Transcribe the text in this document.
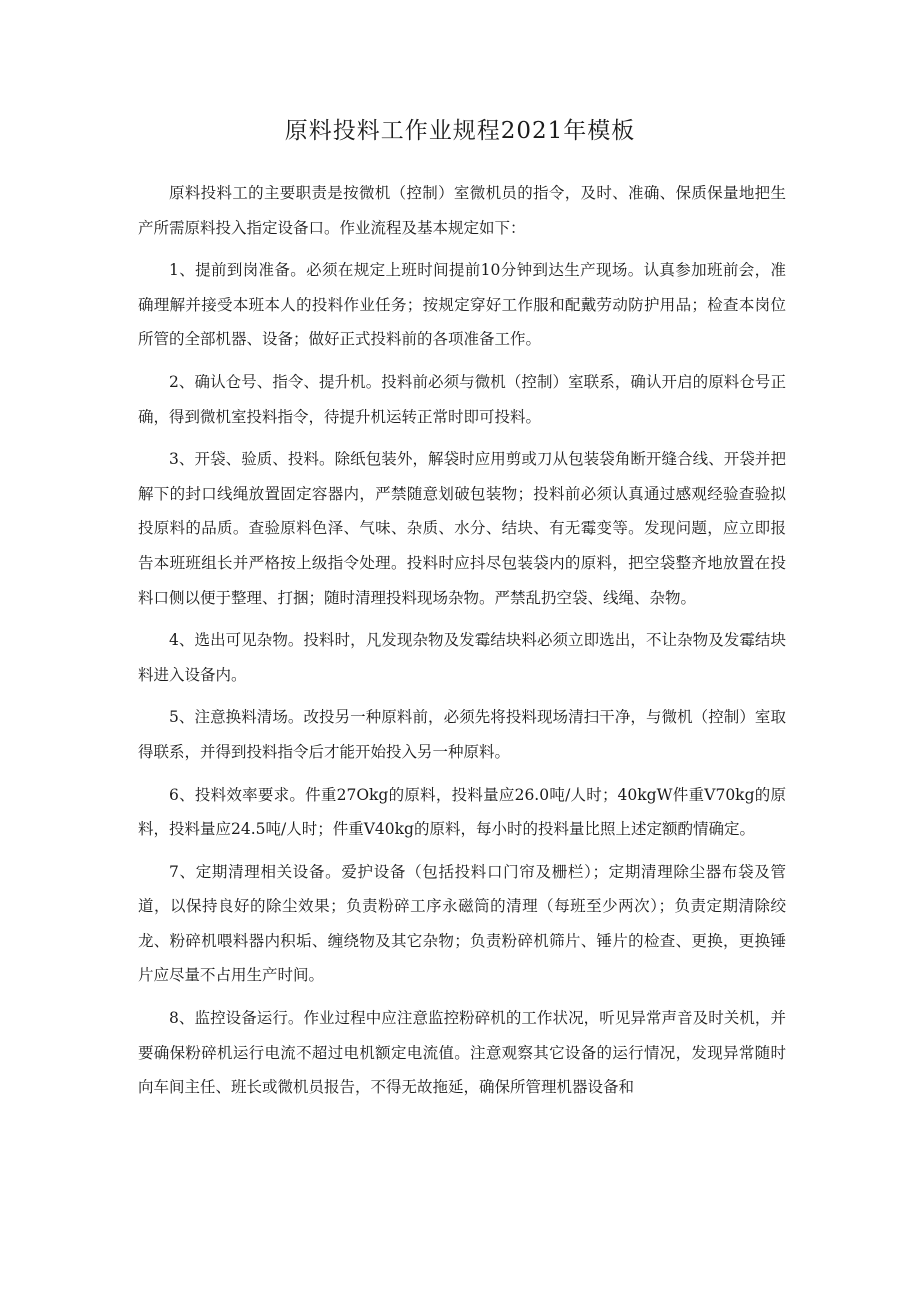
原料投料工作业规程2021年模板

原料投料工的主要职责是按微机（控制）室微机员的指令，及时、准确、保质保量地把生产所需原料投入指定设备口。作业流程及基本规定如下：

1、提前到岗准备。必须在规定上班时间提前10分钟到达生产现场。认真参加班前会，准确理解并接受本班本人的投料作业任务；按规定穿好工作服和配戴劳动防护用品；检查本岗位所管的全部机器、设备；做好正式投料前的各项准备工作。

2、确认仓号、指令、提升机。投料前必须与微机（控制）室联系，确认开启的原料仓号正确，得到微机室投料指令，待提升机运转正常时即可投料。

3、开袋、验质、投料。除纸包装外，解袋时应用剪或刀从包装袋角断开缝合线、开袋并把解下的封口线绳放置固定容器内，严禁随意划破包装物；投料前必须认真通过感观经验查验拟投原料的品质。查验原料色泽、气味、杂质、水分、结块、有无霉变等。发现问题，应立即报告本班班组长并严格按上级指令处理。投料时应抖尽包装袋内的原料，把空袋整齐地放置在投料口侧以便于整理、打捆；随时清理投料现场杂物。严禁乱扔空袋、线绳、杂物。

4、选出可见杂物。投料时，凡发现杂物及发霉结块料必须立即选出，不让杂物及发霉结块料进入设备内。

5、注意换料清场。改投另一种原料前，必须先将投料现场清扫干净，与微机（控制）室取得联系，并得到投料指令后才能开始投入另一种原料。

6、投料效率要求。件重27Okg的原料，投料量应26.0吨/人时；40kgW件重V70kg的原料，投料量应24.5吨/人时；件重V40kg的原料，每小时的投料量比照上述定额酌情确定。

7、定期清理相关设备。爱护设备（包括投料口门帘及栅栏）；定期清理除尘器布袋及管道，以保持良好的除尘效果；负责粉碎工序永磁筒的清理（每班至少两次）；负责定期清除绞龙、粉碎机喂料器内积垢、缠绕物及其它杂物；负责粉碎机筛片、锤片的检查、更换，更换锤片应尽量不占用生产时间。

8、监控设备运行。作业过程中应注意监控粉碎机的工作状况，听见异常声音及时关机，并要确保粉碎机运行电流不超过电机额定电流值。注意观察其它设备的运行情况，发现异常随时向车间主任、班长或微机员报告，不得无故拖延，确保所管理机器设备和
